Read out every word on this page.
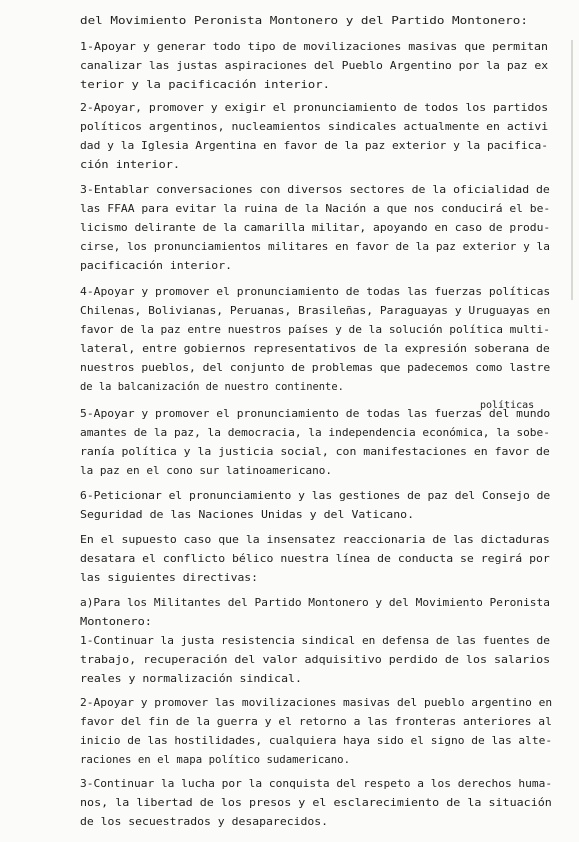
del Movimiento Peronista Montonero y del Partido Montonero:
1-Apoyar y generar todo tipo de movilizaciones masivas que permitan
canalizar las justas aspiraciones del Pueblo Argentino por la paz ex
terior y la pacificación interior.
2-Apoyar, promover y exigir el pronunciamiento de todos los partidos
políticos argentinos, nucleamientos sindicales actualmente en activi
dad y la Iglesia Argentina en favor de la paz exterior y la pacifica-
ción interior.
3-Entablar conversaciones con diversos sectores de la oficialidad de
las FFAA para evitar la ruina de la Nación a que nos conducirá el be-
licismo delirante de la camarilla militar, apoyando en caso de produ-
cirse, los pronunciamientos militares en favor de la paz exterior y la
pacificación interior.
4-Apoyar y promover el pronunciamiento de todas las fuerzas políticas
Chilenas, Bolivianas, Peruanas, Brasileñas, Paraguayas y Uruguayas en
favor de la paz entre nuestros países y de la solución política multi-
lateral, entre gobiernos representativos de la expresión soberana de
nuestros pueblos, del conjunto de problemas que padecemos como lastre
de la balcanización de nuestro continente.
5-Apoyar y promover el pronunciamiento de todas las fuerzas del mundo
amantes de la paz, la democracia, la independencia económica, la sobe-
ranía política y la justicia social, con manifestaciones en favor de
la paz en el cono sur latinoamericano.
6-Peticionar el pronunciamiento y las gestiones de paz del Consejo de
Seguridad de las Naciones Unidas y del Vaticano.
En el supuesto caso que la insensatez reaccionaria de las dictaduras
desatara el conflicto bélico nuestra línea de conducta se regirá por
las siguientes directivas:
a)Para los Militantes del Partido Montonero y del Movimiento Peronista
Montonero:
1-Continuar la justa resistencia sindical en defensa de las fuentes de
trabajo, recuperación del valor adquisitivo perdido de los salarios
reales y normalización sindical.
2-Apoyar y promover las movilizaciones masivas del pueblo argentino en
favor del fin de la guerra y el retorno a las fronteras anteriores al
inicio de las hostilidades, cualquiera haya sido el signo de las alte-
raciones en el mapa político sudamericano.
3-Continuar la lucha por la conquista del respeto a los derechos huma-
nos, la libertad de los presos y el esclarecimiento de la situación
de los secuestrados y desaparecidos.
políticas
